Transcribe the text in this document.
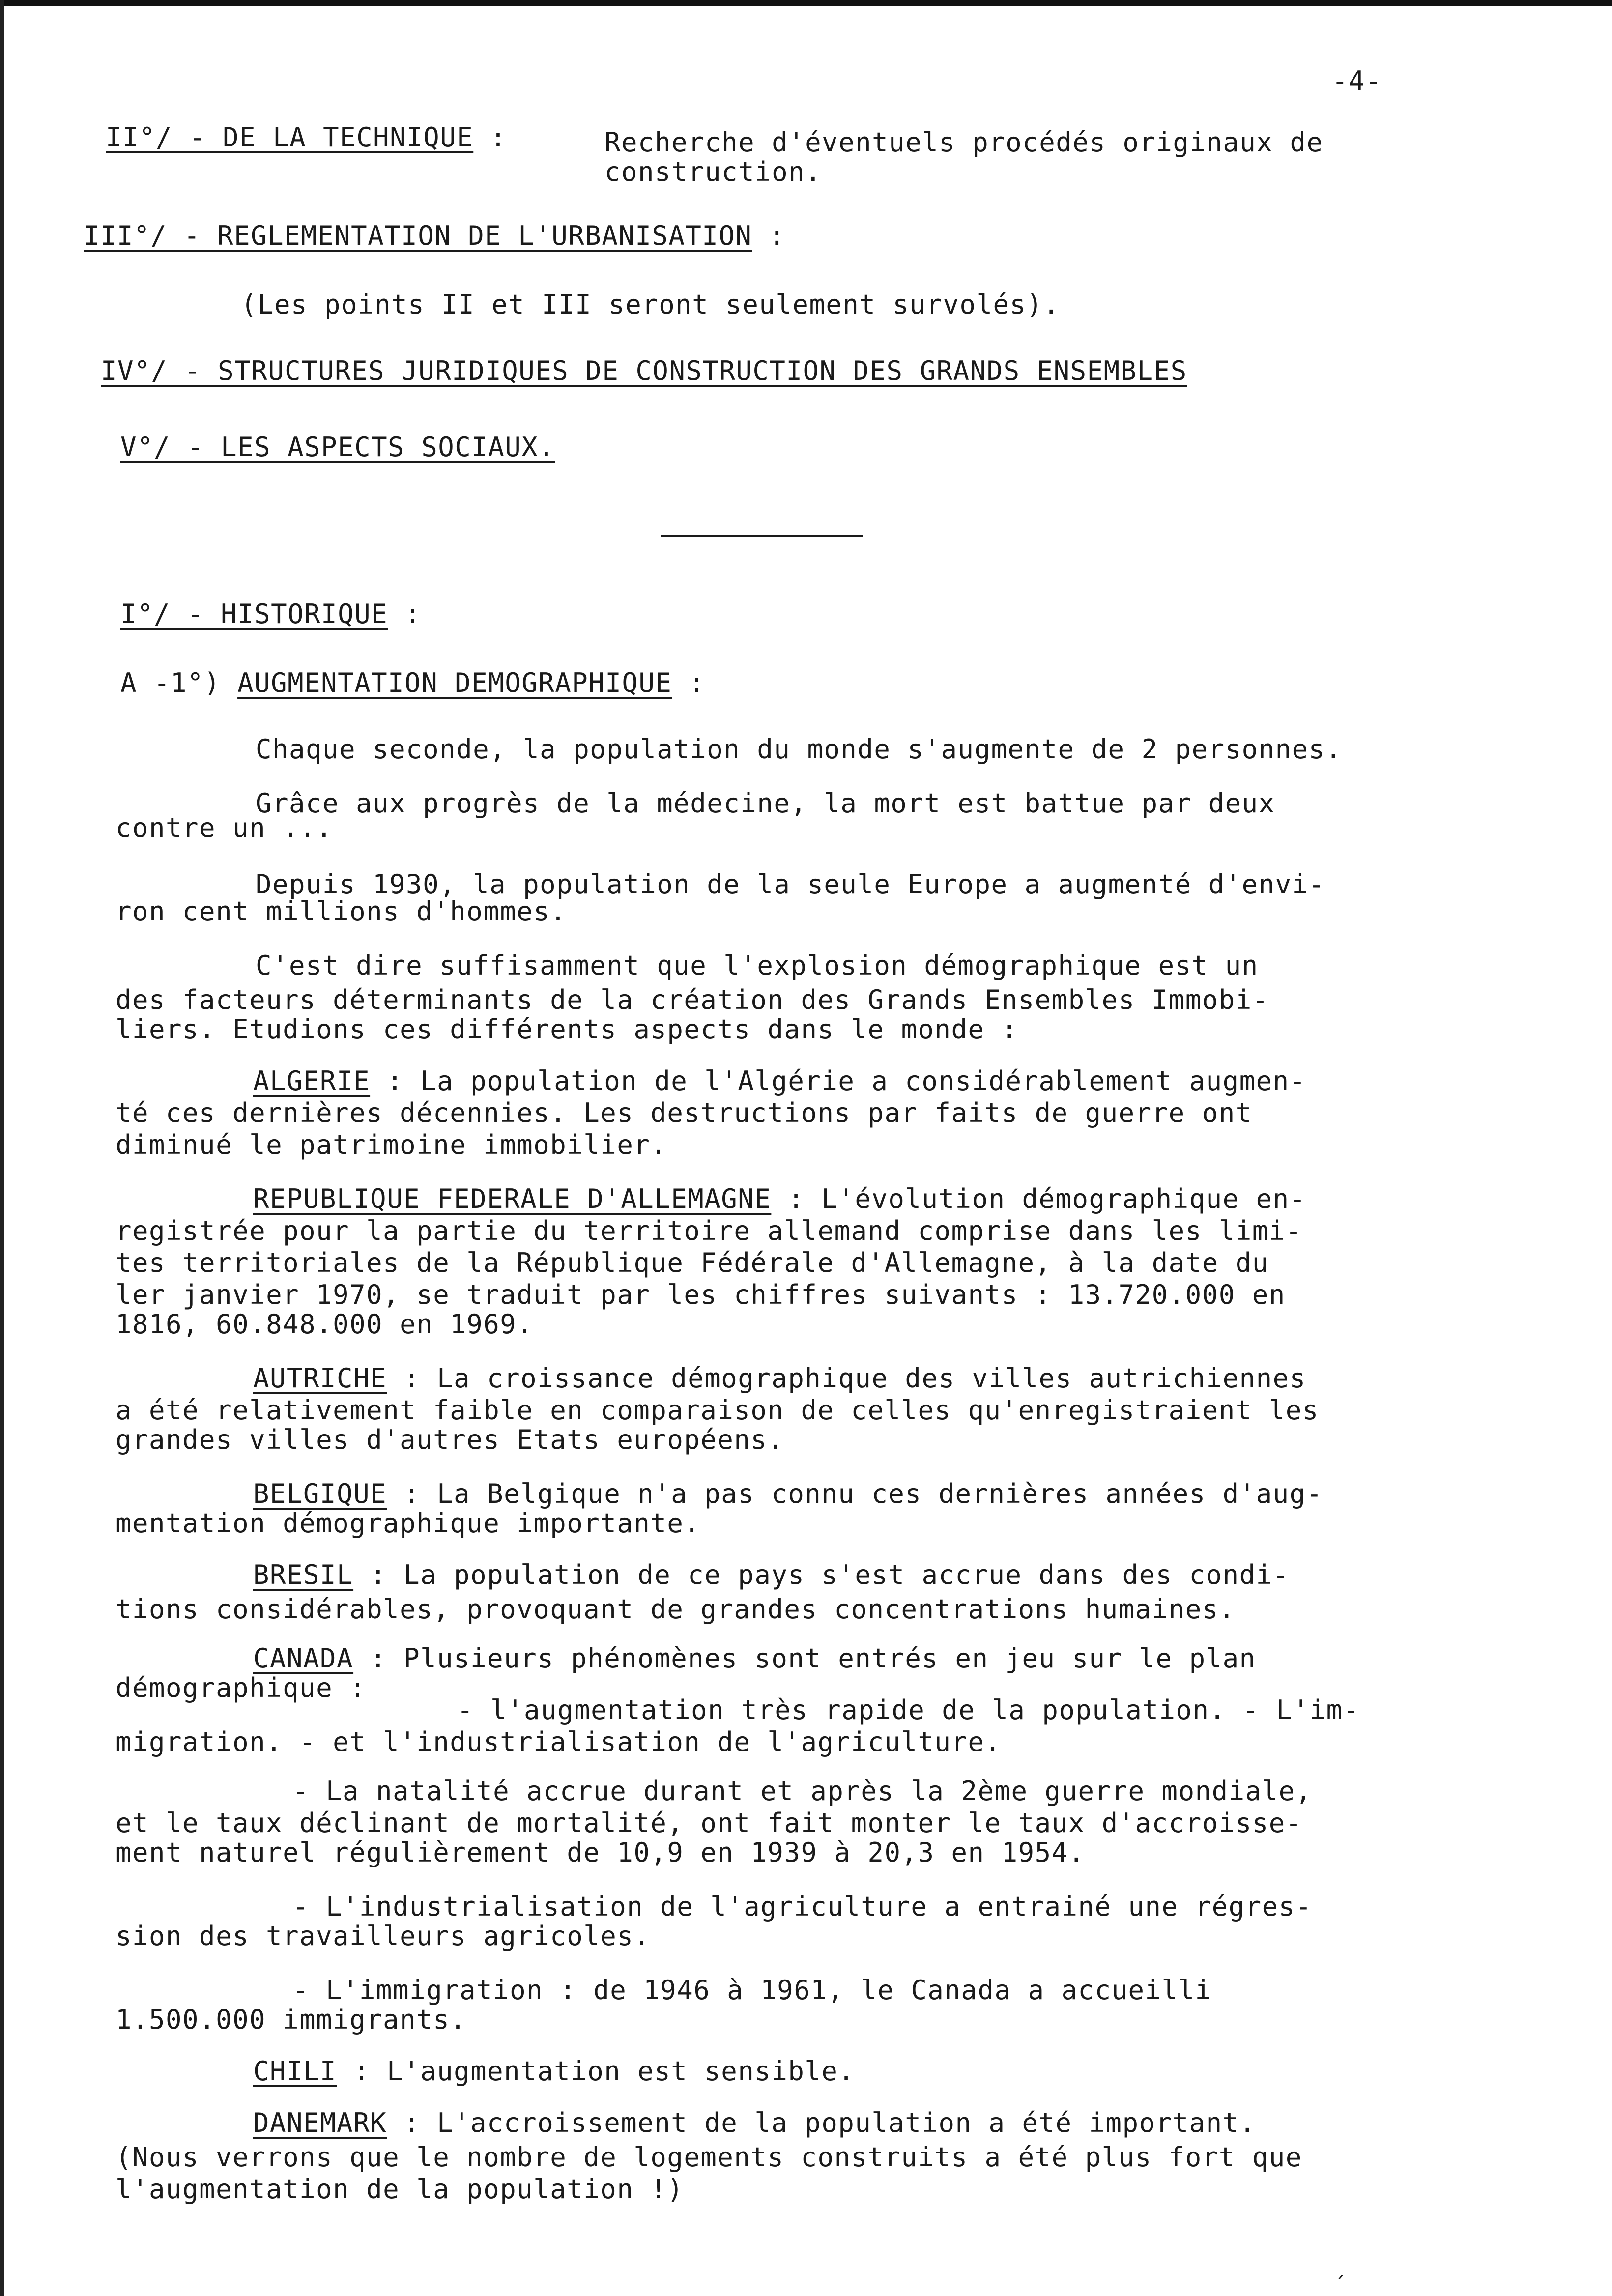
-4-
II°/ - DE LA TECHNIQUE :	Recherche d'éventuels procédés originaux de
construction.
III°/ - REGLEMENTATION DE L'URBANISATION :
(Les points II et III seront seulement survolés).
IV°/ - STRUCTURES JURIDIQUES DE CONSTRUCTION DES GRANDS ENSEMBLES
V°/ - LES ASPECTS SOCIAUX.
I°/ - HISTORIQUE :
A -1°) AUGMENTATION DEMOGRAPHIQUE :
Chaque seconde, la population du monde s'augmente de 2 personnes.
Grâce aux progrès de la médecine, la mort est battue par deux
contre un ...
Depuis 1930, la population de la seule Europe a augmenté d'envi-
ron cent millions d'hommes.
C'est dire suffisamment que l'explosion démographique est un
des facteurs déterminants de la création des Grands Ensembles Immobi-
liers. Etudions ces différents aspects dans le monde :
ALGERIE : La population de l'Algérie a considérablement augmen-
té ces dernières décennies. Les destructions par faits de guerre ont
diminué le patrimoine immobilier.
REPUBLIQUE FEDERALE D'ALLEMAGNE : L'évolution démographique en-
registrée pour la partie du territoire allemand comprise dans les limi-
tes territoriales de la République Fédérale d'Allemagne, à la date du
ler janvier 1970, se traduit par les chiffres suivants : 13.720.000 en
1816, 60.848.000 en 1969.
AUTRICHE : La croissance démographique des villes autrichiennes
a été relativement faible en comparaison de celles qu'enregistraient les
grandes villes d'autres Etats européens.
BELGIQUE : La Belgique n'a pas connu ces dernières années d'aug-
mentation démographique importante.
BRESIL : La population de ce pays s'est accrue dans des condi-
tions considérables, provoquant de grandes concentrations humaines.
CANADA : Plusieurs phénomènes sont entrés en jeu sur le plan
démographique :
- l'augmentation très rapide de la population. - L'im-
migration. - et l'industrialisation de l'agriculture.
- La natalité accrue durant et après la 2ème guerre mondiale,
et le taux déclinant de mortalité, ont fait monter le taux d'accroisse-
ment naturel régulièrement de 10,9 en 1939 à 20,3 en 1954.
- L'industrialisation de l'agriculture a entrainé une régres-
sion des travailleurs agricoles.
- L'immigration : de 1946 à 1961, le Canada a accueilli
1.500.000 immigrants.
CHILI : L'augmentation est sensible.
DANEMARK : L'accroissement de la population a été important.
(Nous verrons que le nombre de logements construits a été plus fort que
l'augmentation de la population !)
ˏ
